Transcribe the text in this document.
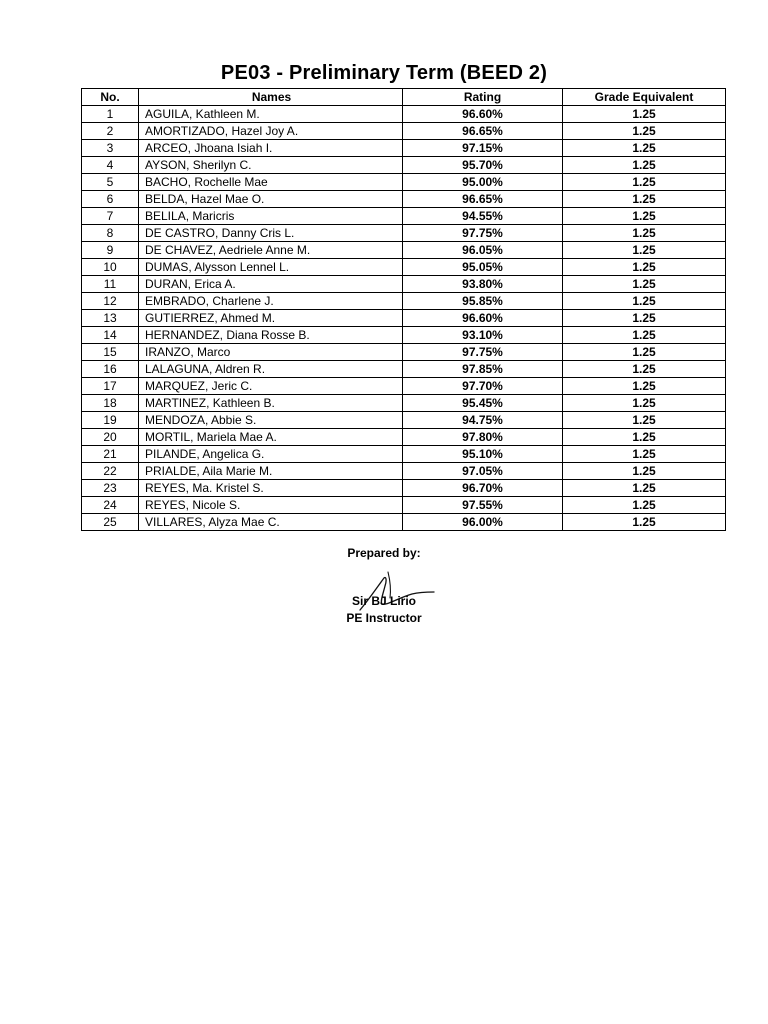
PE03 - Preliminary Term (BEED 2)
No.	Names	Rating	Grade Equivalent
1	AGUILA, Kathleen M.	96.60%	1.25
2	AMORTIZADO, Hazel Joy A.	96.65%	1.25
3	ARCEO, Jhoana Isiah I.	97.15%	1.25
4	AYSON, Sherilyn C.	95.70%	1.25
5	BACHO, Rochelle Mae	95.00%	1.25
6	BELDA, Hazel Mae O.	96.65%	1.25
7	BELILA, Maricris	94.55%	1.25
8	DE CASTRO, Danny Cris L.	97.75%	1.25
9	DE CHAVEZ, Aedriele Anne M.	96.05%	1.25
10	DUMAS, Alysson Lennel L.	95.05%	1.25
11	DURAN, Erica A.	93.80%	1.25
12	EMBRADO, Charlene J.	95.85%	1.25
13	GUTIERREZ, Ahmed M.	96.60%	1.25
14	HERNANDEZ, Diana Rosse B.	93.10%	1.25
15	IRANZO, Marco	97.75%	1.25
16	LALAGUNA, Aldren R.	97.85%	1.25
17	MARQUEZ, Jeric C.	97.70%	1.25
18	MARTINEZ, Kathleen B.	95.45%	1.25
19	MENDOZA, Abbie S.	94.75%	1.25
20	MORTIL, Mariela Mae A.	97.80%	1.25
21	PILANDE, Angelica G.	95.10%	1.25
22	PRIALDE, Aila Marie M.	97.05%	1.25
23	REYES, Ma. Kristel S.	96.70%	1.25
24	REYES, Nicole S.	97.55%	1.25
25	VILLARES, Alyza Mae C.	96.00%	1.25
Prepared by:
Sir BJ Lirio
PE Instructor
